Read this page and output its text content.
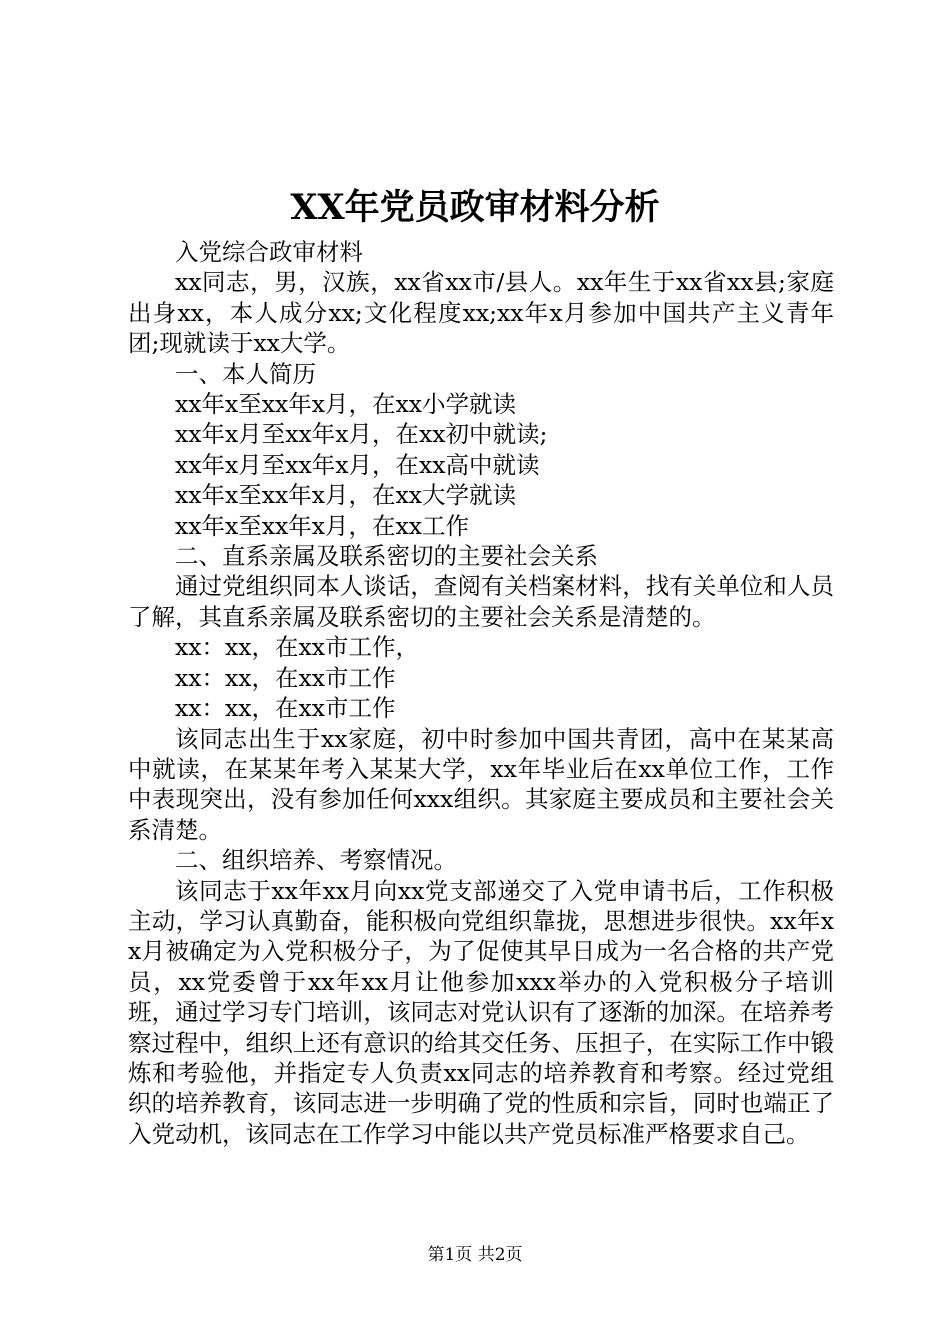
XX年党员政审材料分析

入党综合政审材料

xx同志，男，汉族，xx省xx市/县人。xx年生于xx省xx县;家庭出身xx，本人成分xx;文化程度xx;xx年x月参加中国共产主义青年团;现就读于xx大学。

一、本人简历

xx年x至xx年x月，在xx小学就读

xx年x月至xx年x月，在xx初中就读;

xx年x月至xx年x月，在xx高中就读

xx年x至xx年x月，在xx大学就读

xx年x至xx年x月，在xx工作

二、直系亲属及联系密切的主要社会关系

通过党组织同本人谈话，查阅有关档案材料，找有关单位和人员了解，其直系亲属及联系密切的主要社会关系是清楚的。

xx：xx，在xx市工作，

xx：xx，在xx市工作

xx：xx，在xx市工作

该同志出生于xx家庭，初中时参加中国共青团，高中在某某高中就读，在某某年考入某某大学，xx年毕业后在xx单位工作，工作中表现突出，没有参加任何xxx组织。其家庭主要成员和主要社会关系清楚。

二、组织培养、考察情况。

该同志于xx年xx月向xx党支部递交了入党申请书后，工作积极主动，学习认真勤奋，能积极向党组织靠拢，思想进步很快。xx年xx月被确定为入党积极分子，为了促使其早日成为一名合格的共产党员，xx党委曾于xx年xx月让他参加xxx举办的入党积极分子培训班，通过学习专门培训，该同志对党认识有了逐渐的加深。在培养考察过程中，组织上还有意识的给其交任务、压担子，在实际工作中锻炼和考验他，并指定专人负责xx同志的培养教育和考察。经过党组织的培养教育，该同志进一步明确了党的性质和宗旨，同时也端正了入党动机，该同志在工作学习中能以共产党员标准严格要求自己。

第1页 共2页
